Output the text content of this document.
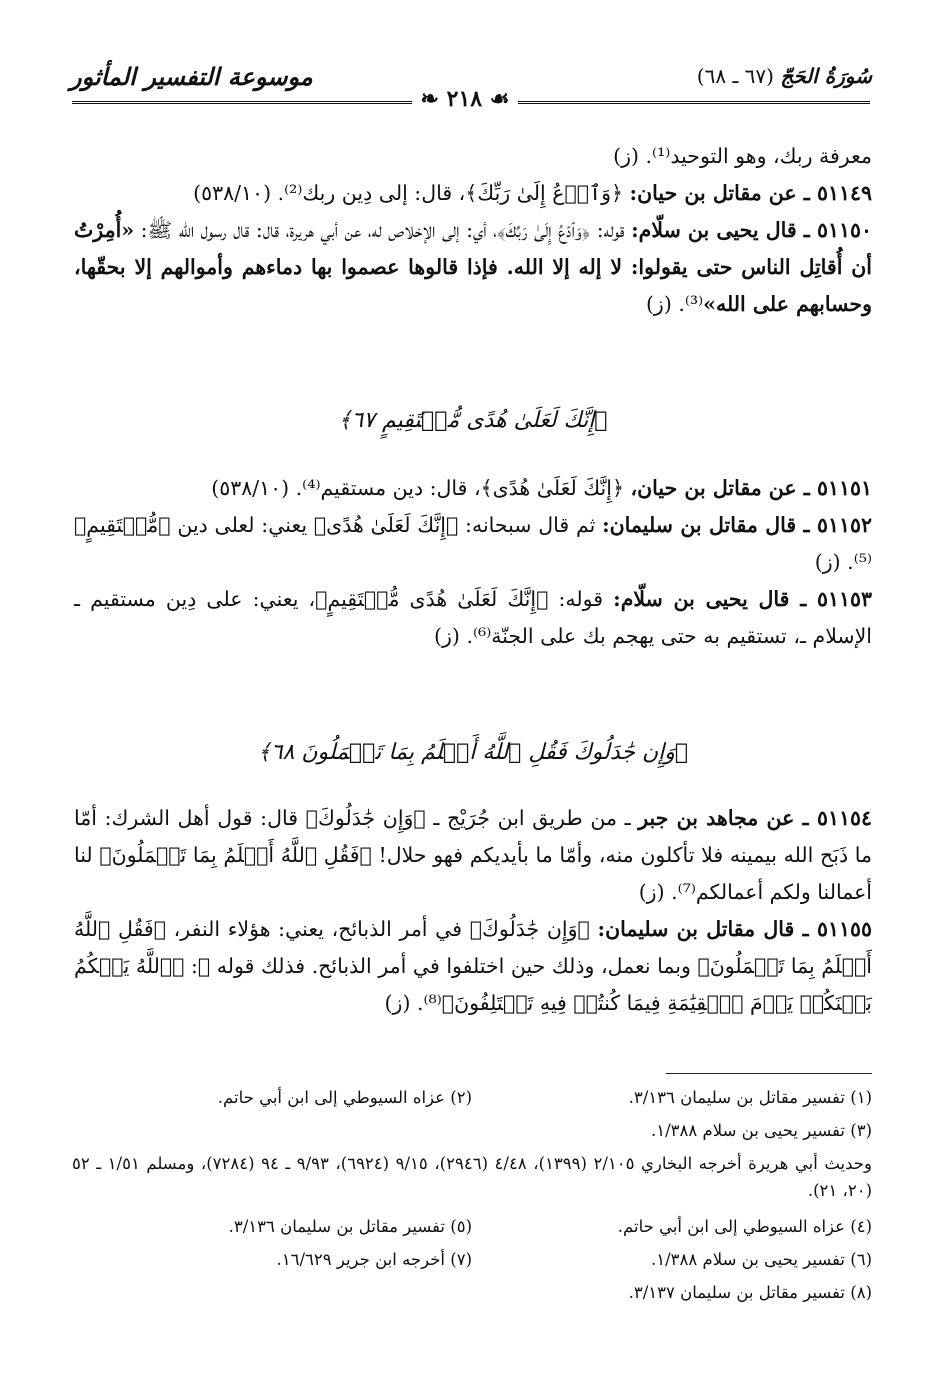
سُورَةُ الحَجّ (٦٧ ـ ٦٨)
موسوعة التفسير المأثور
❧ ٢١٨ ☙

معرفة ربك، وهو التوحيد⁽¹⁾. (ز)

٥١١٤٩ ـ عن مقاتل بن حيان: ﴿وَٱدۡعُ إِلَىٰ رَبِّكَ﴾، قال: إلى دِين ربك⁽²⁾. (٥٣٨/١٠)

٥١١٥٠ ـ قال يحيى بن سلّام: قوله: ﴿وَٱدۡعُ إِلَىٰ رَبِّكَ﴾، أي: إلى الإخلاص له، عن أبي هريرة، قال: قال رسول الله ﷺ: «أُمِرْتُ أن أُقاتِل الناس حتى يقولوا: لا إله إلا الله. فإذا قالوها عصموا بها دماءهم وأموالهم إلا بحقّها، وحسابهم على الله»⁽³⁾. (ز)

﴿إِنَّكَ لَعَلَىٰ هُدًى مُّسۡتَقِيمٍ ٦٧﴾

٥١١٥١ ـ عن مقاتل بن حيان، ﴿إِنَّكَ لَعَلَىٰ هُدًى﴾، قال: دين مستقيم⁽⁴⁾. (٥٣٨/١٠)

٥١١٥٢ ـ قال مقاتل بن سليمان: ثم قال سبحانه: ﴿إِنَّكَ لَعَلَىٰ هُدًى﴾ يعني: لعلى دين ﴿مُّسۡتَقِيمٍ﴾⁽⁵⁾. (ز)

٥١١٥٣ ـ قال يحيى بن سلّام: قوله: ﴿إِنَّكَ لَعَلَىٰ هُدًى مُّسۡتَقِيمٍ﴾، يعني: على دِين مستقيم ـ الإسلام ـ، تستقيم به حتى يهجم بك على الجنّة⁽⁶⁾. (ز)

﴿وَإِن جَٰدَلُوكَ فَقُلِ ٱللَّهُ أَعۡلَمُ بِمَا تَعۡمَلُونَ ٦٨﴾

٥١١٥٤ ـ عن مجاهد بن جبر ـ من طريق ابن جُرَيْج ـ ﴿وَإِن جَٰدَلُوكَ﴾ قال: قول أهل الشرك: أمّا ما ذَبَح الله بيمينه فلا تأكلون منه، وأمّا ما بأيديكم فهو حلال! ﴿فَقُلِ ٱللَّهُ أَعۡلَمُ بِمَا تَعۡمَلُونَ﴾ لنا أعمالنا ولكم أعمالكم⁽⁷⁾. (ز)

٥١١٥٥ ـ قال مقاتل بن سليمان: ﴿وَإِن جَٰدَلُوكَ﴾ في أمر الذبائح، يعني: هؤلاء النفر، ﴿فَقُلِ ٱللَّهُ أَعۡلَمُ بِمَا تَعۡمَلُونَ﴾ وبما نعمل، وذلك حين اختلفوا في أمر الذبائح. فذلك قوله ﷻ: ﴿ٱللَّهُ يَحۡكُمُ بَيۡنَكُمۡ يَوۡمَ ٱلۡقِيَٰمَةِ فِيمَا كُنتُمۡ فِيهِ تَخۡتَلِفُونَ﴾⁽⁸⁾. (ز)

(١) تفسير مقاتل بن سليمان ٣/١٣٦.
(٢) عزاه السيوطي إلى ابن أبي حاتم.
(٣) تفسير يحيى بن سلام ١/٣٨٨.
وحديث أبي هريرة أخرجه البخاري ٢/١٠٥ (١٣٩٩)، ٤/٤٨ (٢٩٤٦)، ٩/١٥ (٦٩٢٤)، ٩/٩٣ ـ ٩٤ (٧٢٨٤)، ومسلم ١/٥١ ـ ٥٢ (٢٠، ٢١).
(٤) عزاه السيوطي إلى ابن أبي حاتم.
(٥) تفسير مقاتل بن سليمان ٣/١٣٦.
(٦) تفسير يحيى بن سلام ١/٣٨٨.
(٧) أخرجه ابن جرير ١٦/٦٢٩.
(٨) تفسير مقاتل بن سليمان ٣/١٣٧.
